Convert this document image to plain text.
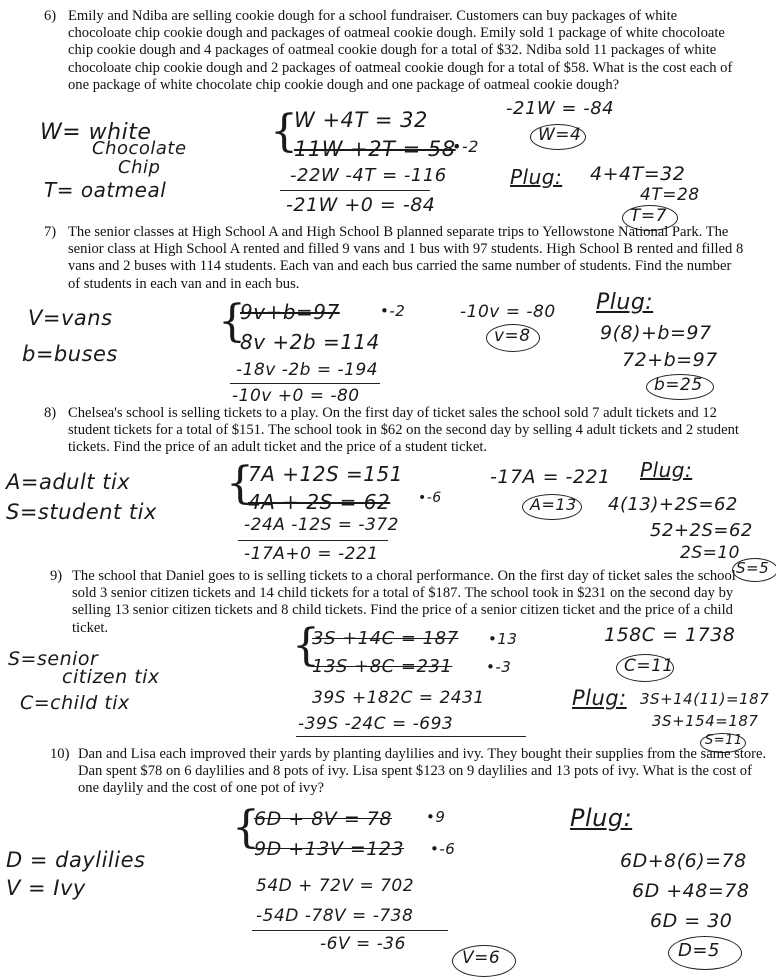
6) Emily and Ndiba are selling cookie dough for a school fundraiser. Customers can buy packages of white chocoloate chip cookie dough and packages of oatmeal cookie dough. Emily sold 1 package of white chocoloate chip cookie dough and 4 packages of oatmeal cookie dough for a total of $32. Ndiba sold 11 packages of white chocoloate chip cookie dough and 2 packages of oatmeal cookie dough for a total of $58. What is the cost each of one package of white chocolate chip cookie dough and one package of oatmeal cookie dough?
W= white
Chocolate
Chip
T= oatmeal
{
W +4T = 32
11W +2T = 58
•-2
-22W -4T = -116
-21W +0 = -84
-21W = -84
W=4
Plug: 4+4T=32
4T=28
T=7
7) The senior classes at High School A and High School B planned separate trips to Yellowstone National Park. The senior class at High School A rented and filled 9 vans and 1 bus with 97 students. High School B rented and filled 8 vans and 2 buses with 114 students. Each van and each bus carried the same number of students. Find the number of students in each van and in each bus.
V=vans
b=buses
{
9v+b=97	•-2
8v +2b =114
-18v -2b = -194
-10v +0 = -80
-10v = -80
v=8
Plug:
9(8)+b=97
72+b=97
b=25
8) Chelsea's school is selling tickets to a play. On the first day of ticket sales the school sold 7 adult tickets and 12 student tickets for a total of $151. The school took in $62 on the second day by selling 4 adult tickets and 2 student tickets. Find the price of an adult ticket and the price of a student ticket.
A=adult tix
S=student tix
{
7A +12S =151
4A + 2S = 62 •-6
-24A -12S = -372
-17A+0 = -221
-17A = -221
A=13
Plug:
4(13)+2S=62
52+2S=62
2S=10
S=5
9) The school that Daniel goes to is selling tickets to a choral performance. On the first day of ticket sales the school sold 3 senior citizen tickets and 14 child tickets for a total of $187. The school took in $231 on the second day by selling 13 senior citizen tickets and 8 child tickets. Find the price of a senior citizen ticket and the price of a child ticket.
S=senior
citizen tix
C=child tix
{
3S +14C = 187 •13
13S +8C =231 •-3
39S +182C = 2431
-39S -24C = -693
158C = 1738
C=11
Plug: 3S+14(11)=187
3S+154=187
S=11
10) Dan and Lisa each improved their yards by planting daylilies and ivy. They bought their supplies from the same store. Dan spent $78 on 6 daylilies and 8 pots of ivy. Lisa spent $123 on 9 daylilies and 13 pots of ivy. What is the cost of one daylily and the cost of one pot of ivy?
D = daylilies
V = Ivy
{
6D + 8V = 78 •9
9D +13V =123 •-6
54D + 72V = 702
-54D -78V = -738
-6V = -36
V=6
Plug:
6D+8(6)=78
6D +48=78
6D = 30
D=5
